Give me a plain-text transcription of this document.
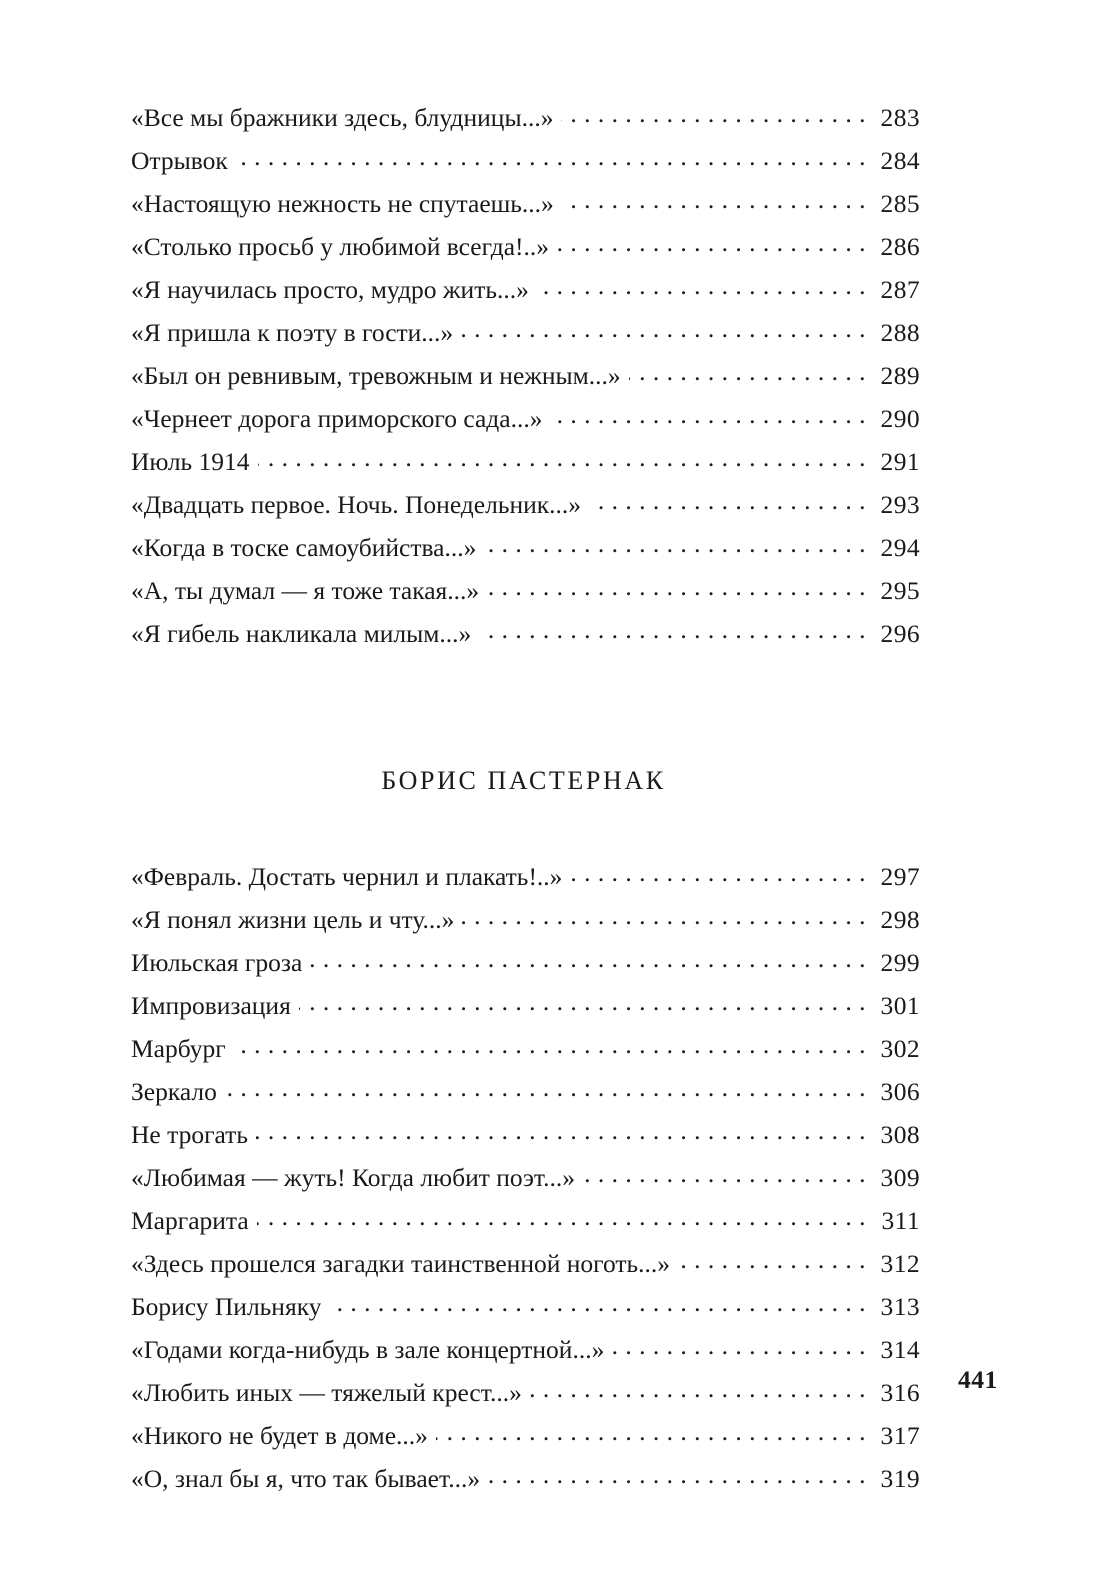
«Все мы бражники здесь, блудницы...» . . .	283
Отрывок . . .	284
«Настоящую нежность не спутаешь...» . . .	285
«Столько просьб у любимой всегда!..» . . .	286
«Я научилась просто, мудро жить...» . . .	287
«Я пришла к поэту в гости...» . . .	288
«Был он ревнивым, тревожным и нежным...» . . .	289
«Чернеет дорога приморского сада...» . . .	290
Июль 1914 . . .	291
«Двадцать первое. Ночь. Понедельник...» . . .	293
«Когда в тоске самоубийства...» . . .	294
«А, ты думал — я тоже такая...» . . .	295
«Я гибель накликала милым...» . . .	296
БОРИС ПАСТЕРНАК
«Февраль. Достать чернил и плакать!..» . . .	297
«Я понял жизни цель и чту...» . . .	298
Июльская гроза . . .	299
Импровизация . . .	301
Марбург . . .	302
Зеркало . . .	306
Не трогать . . .	308
«Любимая — жуть! Когда любит поэт...» . . .	309
Маргарита . . .	311
«Здесь прошелся загадки таинственной ноготь...» . . .	312
Борису Пильняку . . .	313
«Годами когда-нибудь в зале концертной...» . . .	314
«Любить иных — тяжелый крест...» . . .	316
«Никого не будет в доме...» . . .	317
«О, знал бы я, что так бывает...» . . .	319
441
